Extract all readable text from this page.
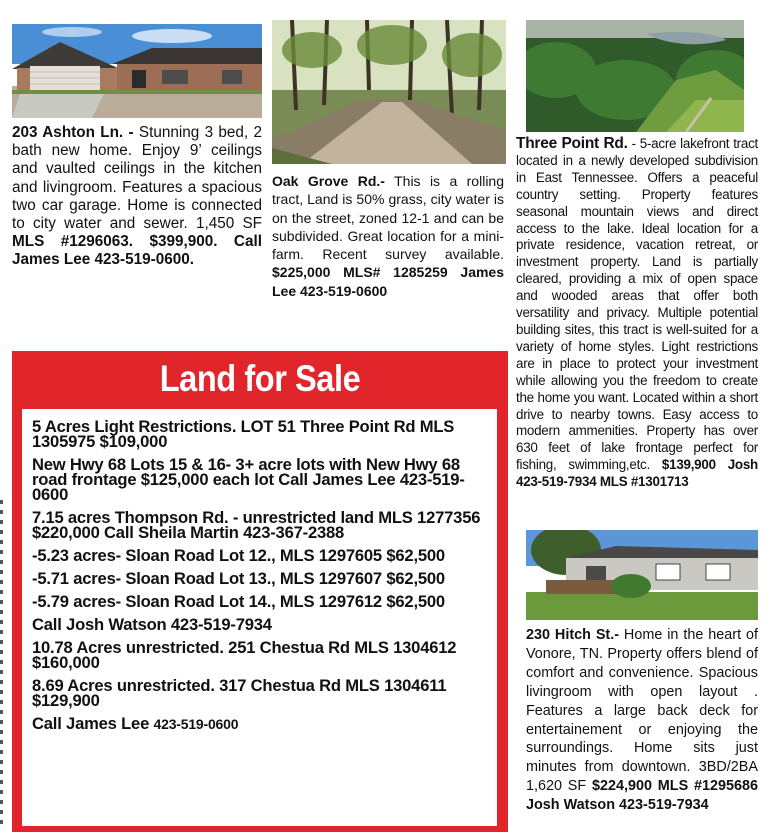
203 Ashton Ln. - Stunning 3 bed, 2 bath new home. Enjoy 9’ ceilings and vaulted ceilings in the kitchen and livingroom. Features a spacious two car garage. Home is connected to city water and sewer. 1,450 SF MLS #1296063. $399,900. Call James Lee 423-519-0600.
Oak Grove Rd.- This is a rolling tract, Land is 50% grass, city water is on the street, zoned 12-1 and can be subdivided. Great location for a mini-farm. Recent survey available. $225,000 MLS# 1285259 James Lee 423-519-0600
Three Point Rd. - 5-acre lakefront tract located in a newly developed subdivision in East Tennessee. Offers a peaceful country setting. Property features seasonal mountain views and direct access to the lake. Ideal location for a private residence, vacation retreat, or investment property. Land is partially cleared, providing a mix of open space and wooded areas that offer both versatility and privacy. Multiple potential building sites, this tract is well-suited for a variety of home styles. Light restrictions are in place to protect your investment while allowing you the freedom to create the home you want. Located within a short drive to nearby towns. Easy access to modern ammenities. Property has over 630 feet of lake frontage perfect for fishing, swimming,etc. $139,900 Josh 423-519-7934 MLS #1301713
230 Hitch St.- Home in the heart of Vonore, TN. Property offers blend of comfort and convenience. Spacious livingroom with open layout . Features a large back deck for entertainement or enjoying the surroundings. Home sits just minutes from downtown. 3BD/2BA 1,620 SF $224,900 MLS #1295686 Josh Watson 423-519-7934
Land for Sale
5 Acres Light Restrictions. LOT 51 Three Point Rd MLS 1305975 $109,000
New Hwy 68 Lots 15 & 16- 3+ acre lots with New Hwy 68 road frontage $125,000 each lot Call James Lee 423-519-0600
7.15 acres Thompson Rd. - unrestricted land MLS 1277356 $220,000 Call Sheila Martin 423-367-2388
-5.23 acres- Sloan Road Lot 12., MLS 1297605 $62,500
-5.71 acres- Sloan Road Lot 13., MLS 1297607 $62,500
-5.79 acres- Sloan Road Lot 14., MLS 1297612 $62,500
Call Josh Watson 423-519-7934
10.78 Acres unrestricted. 251 Chestua Rd MLS 1304612 $160,000
8.69 Acres unrestricted. 317 Chestua Rd MLS 1304611 $129,900
Call James Lee 423-519-0600
